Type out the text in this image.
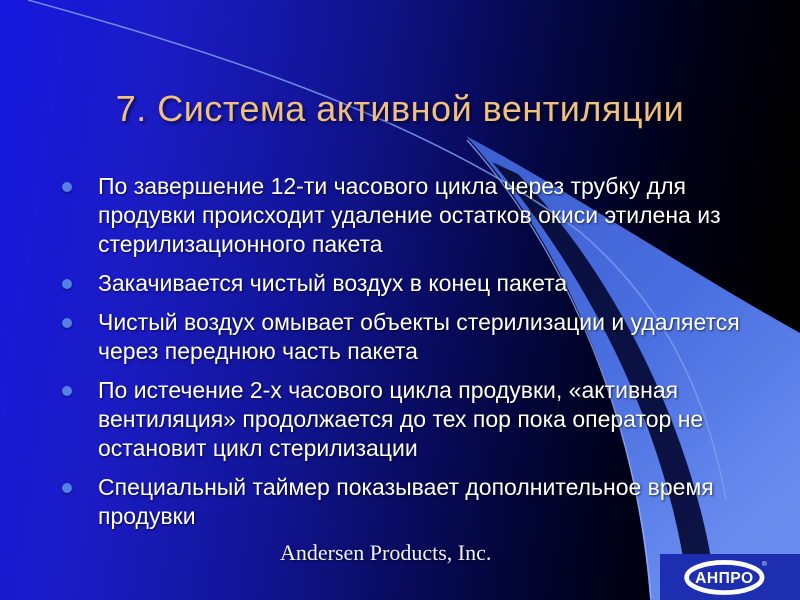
7. Система активной вентиляции
По завершение 12-ти часового цикла через трубку для продувки происходит удаление остатков окиси этилена из стерилизационного пакета
Закачивается чистый воздух в конец пакета
Чистый воздух омывает объекты стерилизации и удаляется через переднюю часть пакета
По истечение 2-х часового цикла продувки, «активная вентиляция» продолжается до тех пор пока оператор не остановит цикл стерилизации
Специальный таймер показывает дополнительное время продувки
Andersen Products, Inc.
АНПРО
®
